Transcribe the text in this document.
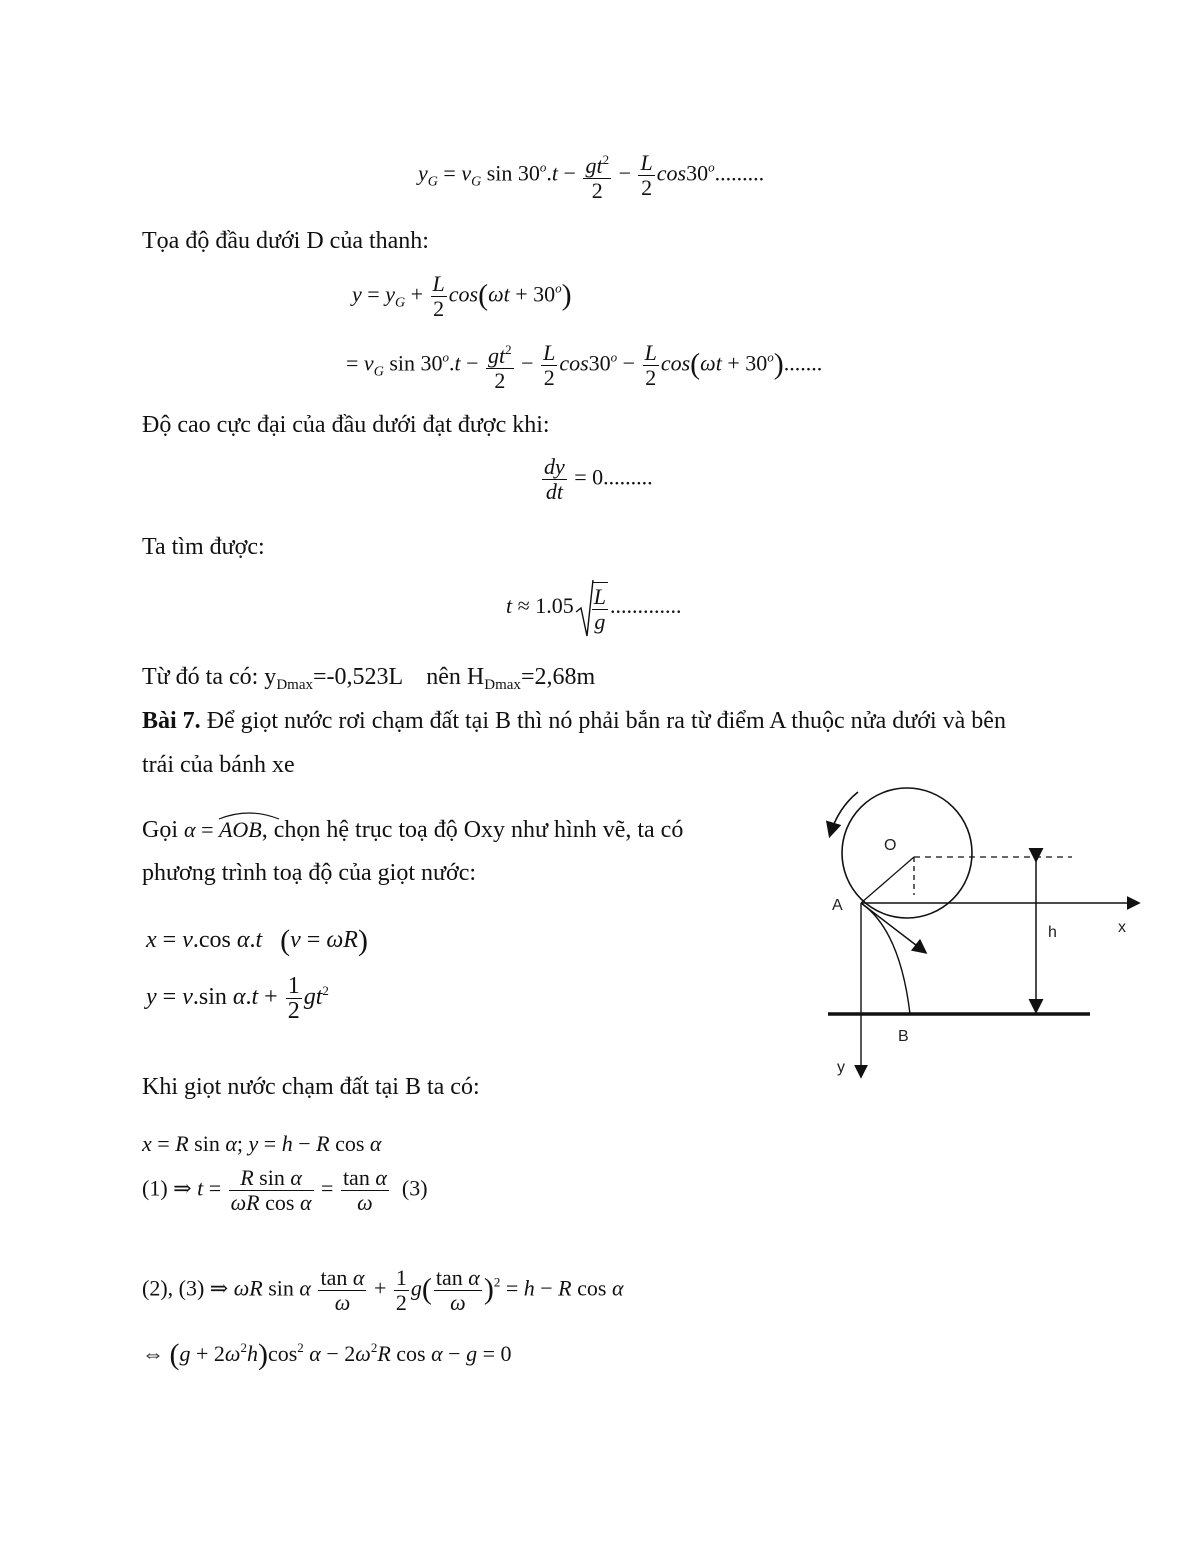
$y_G = v_G$ $\sin 30^o.t - \frac{gt^2}{2} - \frac{L}{2} \cos 30^o$.........
Tọa độ đầu dưới D của thanh:
$y = y_G + \frac{L}{2} \cos(\omega t + 30^o)$
= $v_G$ $\sin 30^o.t - \frac{gt^2}{2} - \frac{L}{2} \cos 30^o - \frac{L}{2} \cos(\omega t + 30^o)$.......
Độ cao cực đại của đầu dưới đạt được khi:
$\frac{dy}{dt} = 0$.........
Ta tìm được:
$t \approx 1.05 \frac{L}{g}$ .............
Từ đó ta có: $y_{Dmax}=-0,523L$    nên $H_{Dmax}=2,68m$
Bài 7. Để giọt nước rơi chạm đất tại B thì nó phải bắn ra từ điểm A thuộc nửa dưới và bên
trái của bánh xe
Gọi α = AOB
, chọn hệ trục toạ độ Oxy như hình vẽ, ta có
phương trình toạ độ của giọt nước:
x = v.cos α.t (v = ωR)
y = v.sin $\alpha.t + \frac{1}{2} gt^2$
Khi giọt nước chạm đất tại B ta có:
x = R sin α; y = h − R cos α
(1) ⇒ $t = \frac{\text{R sin α}}{\text{ωR cos α}} = \frac{\text{tan α}}{\omega} (3)$
(2), (3) ⇒ ωR sin α $\frac{\text{tan α}}{\omega} + \frac{1}{2} g( \frac{\text{tan α}}{\omega} )^2 = h - R$ cos α
⇔ $(g + 2\omega^2h)\cos^2$ $\alpha - 2\omega^2R$ cos α − g = 0
O
x
A
y
B
h
